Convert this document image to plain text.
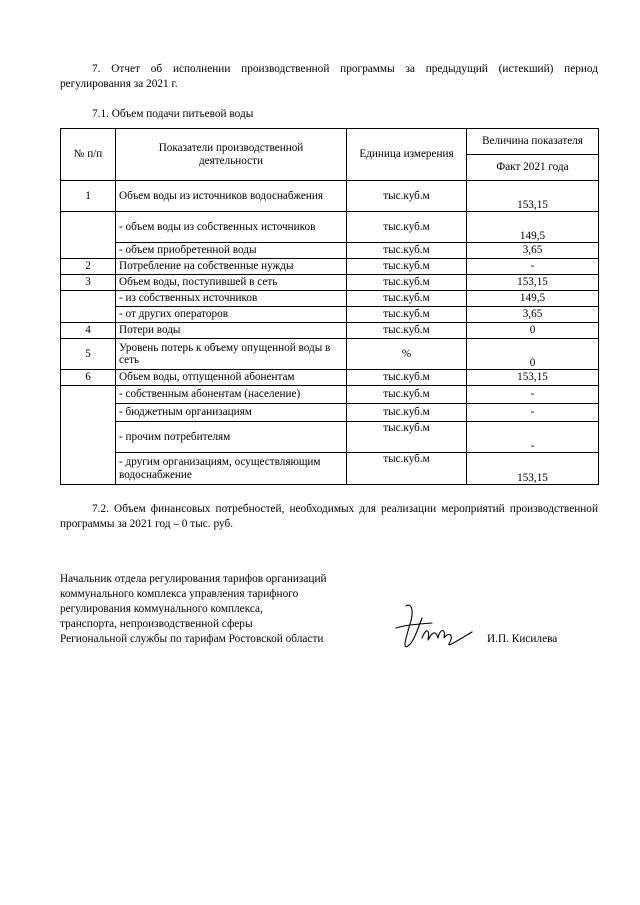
7. Отчет об исполнении производственной программы за предыдущий (истекший) период регулирования за 2021 г.
7.1. Объем подачи питьевой воды
№ п/п	Показатели производственной деятельности	Единица измерения	Величина показателя
			Факт 2021 года
1	Объем воды из источников водоснабжения	тыс.куб.м	153,15
	- объем воды из собственных источников	тыс.куб.м	149,5
	- объем приобретенной воды	тыс.куб.м	3,65
2	Потребление на собственные нужды	тыс.куб.м	-
3	Объем воды, поступившей в сеть	тыс.куб.м	153,15
	- из собственных источников	тыс.куб.м	149,5
	- от других операторов	тыс.куб.м	3,65
4	Потери воды	тыс.куб.м	0
5	Уровень потерь к объему опущенной воды в сеть	%	0
6	Объем воды, отпущенной абонентам	тыс.куб.м	153,15
	- собственным абонентам (население)	тыс.куб.м	-
	- бюджетным организациям	тыс.куб.м	-
	- прочим потребителям	тыс.куб.м	-
	- другим организациям, осуществляющим водоснабжение	тыс.куб.м	153,15
7.2. Объем финансовых потребностей, необходимых для реализации мероприятий производственной программы за 2021 год – 0 тыс. руб.
Начальник отдела регулирования тарифов организаций
коммунального комплекса управления тарифного
регулирования коммунального комплекса,
транспорта, непроизводственной сферы
Региональной службы по тарифам Ростовской области	И.П. Кисилева
